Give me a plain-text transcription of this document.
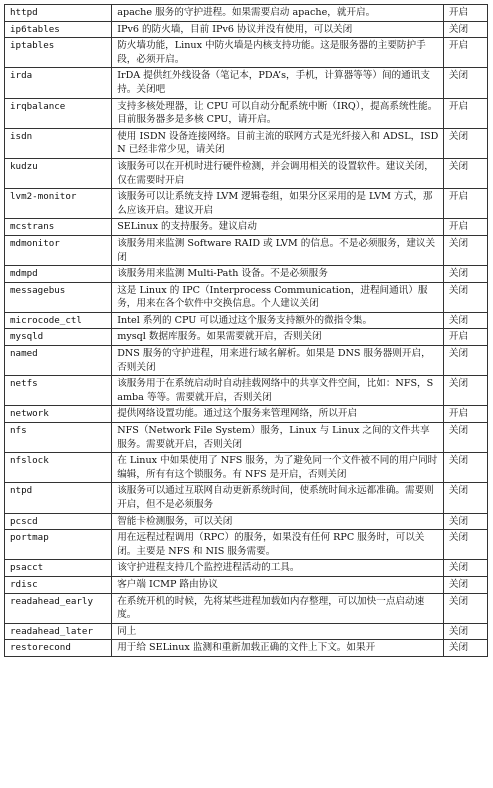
httpd	apache 服务的守护进程。如果需要启动 apache，就开启。	开启
ip6tables	IPv6 的防火墙，目前 IPv6 协议并没有使用，可以关闭	关闭
iptables	防火墙功能，Linux 中防火墙是内核支持功能。这是服务器的主要防护手段，必须开启。	开启
irda	IrDA 提供红外线设备（笔记本，PDA’s，手机，计算器等等）间的通讯支持。关闭吧	关闭
irqbalance	支持多核处理器，让 CPU 可以自动分配系统中断（IRQ），提高系统性能。目前服务器多是多核 CPU，请开启。	开启
isdn	使用 ISDN 设备连接网络。目前主流的联网方式是光纤接入和 ADSL，ISDN 已经非常少见，请关闭	关闭
kudzu	该服务可以在开机时进行硬件检测，并会调用相关的设置软件。建议关闭，仅在需要时开启	关闭
lvm2-monitor	该服务可以让系统支持 LVM 逻辑卷组，如果分区采用的是 LVM 方式，那么应该开启。建议开启	开启
mcstrans	SELinux 的支持服务。建议启动	开启
mdmonitor	该服务用来监测 Software RAID 或 LVM 的信息。不是必须服务，建议关闭	关闭
mdmpd	该服务用来监测 Multi-Path 设备。不是必须服务	关闭
messagebus	这是 Linux 的 IPC（Interprocess Communication，进程间通讯）服务，用来在各个软件中交换信息。个人建议关闭	关闭
microcode_ctl	Intel 系列的 CPU 可以通过这个服务支持额外的微指令集。	关闭
mysqld	mysql 数据库服务。如果需要就开启，否则关闭	开启
named	DNS 服务的守护进程，用来进行域名解析。如果是 DNS 服务器则开启，否则关闭	关闭
netfs	该服务用于在系统启动时自动挂载网络中的共享文件空间，比如：NFS，Samba 等等。需要就开启，否则关闭	关闭
network	提供网络设置功能。通过这个服务来管理网络，所以开启	开启
nfs	NFS（Network File System）服务，Linux 与 Linux 之间的文件共享服务。需要就开启，否则关闭	关闭
nfslock	在 Linux 中如果使用了 NFS 服务，为了避免同一个文件被不同的用户同时编辑，所有有这个锁服务。有 NFS 是开启，否则关闭	关闭
ntpd	该服务可以通过互联网自动更新系统时间，使系统时间永远都准确。需要则开启，但不是必须服务	关闭
pcscd	智能卡检测服务，可以关闭	关闭
portmap	用在远程过程调用（RPC）的服务，如果没有任何 RPC 服务时，可以关闭。主要是 NFS 和 NIS 服务需要。	关闭
psacct	该守护进程支持几个监控进程活动的工具。	关闭
rdisc	客户端 ICMP 路由协议	关闭
readahead_early	在系统开机的时候，先将某些进程加载如内存整理，可以加快一点启动速度。	关闭
readahead_later	同上	关闭
restorecond	用于给 SELinux 监测和重新加载正确的文件上下文。如果开	关闭
